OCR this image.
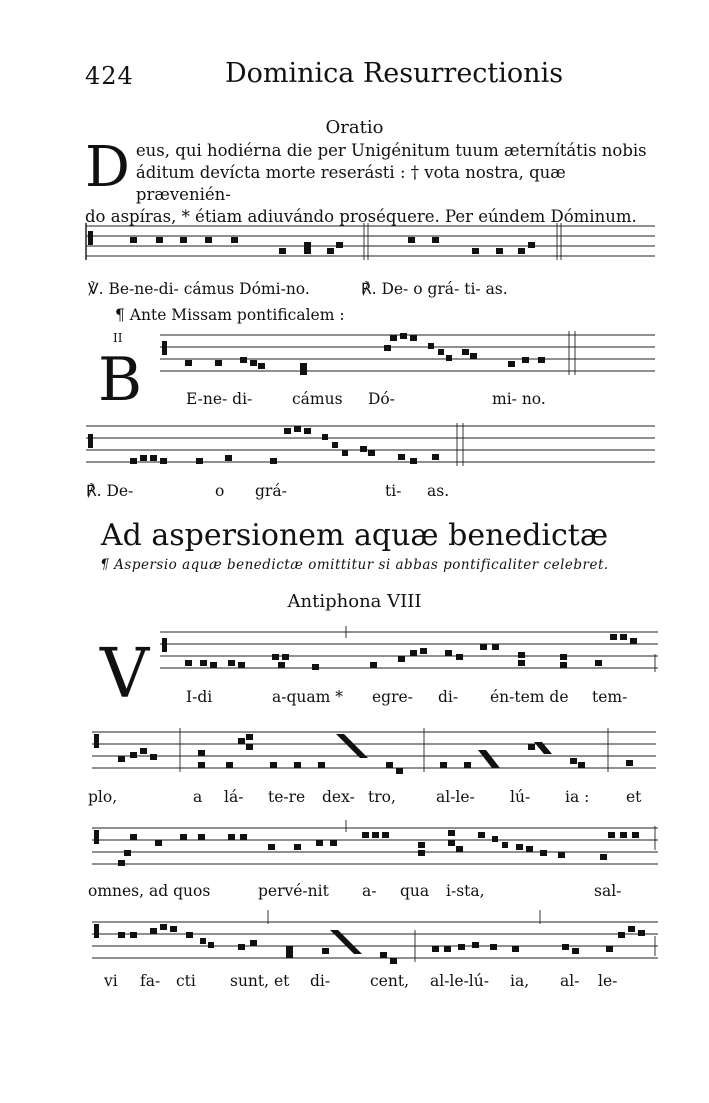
424	Dominica Resurrectionis
Oratio
D eus, qui hodiérna die per Unigénitum tuum æternítátis nobis
áditum devícta morte reserásti : † vota nostra, quæ prævenién-
do aspíras, * étiam adiuvándo proséquere. Per eúndem Dóminum.
℣. Be-ne-di- cámus Dómi-no.	℟. De- o grá- ti- as.
¶ Ante Missam pontificalem :
II
B	E-ne- di-	cámus Dó-	mi- no.
℟. De-	o grá-	ti- as.
Ad aspersionem aquæ benedictæ
¶ Aspersio aquæ benedictæ omittitur si abbas pontificaliter celebret.
Antiphona VIII
V I-di	a-quam * egre- di- én-tem de tem-
plo,	a lá- te-re dex- tro,	al-le- lú- ia : et
omnes, ad quos	pervé-nit a- qua i-sta,	sal-
vi fa- cti sunt, et di-	cent, al-le-lú- ia, al- le-
